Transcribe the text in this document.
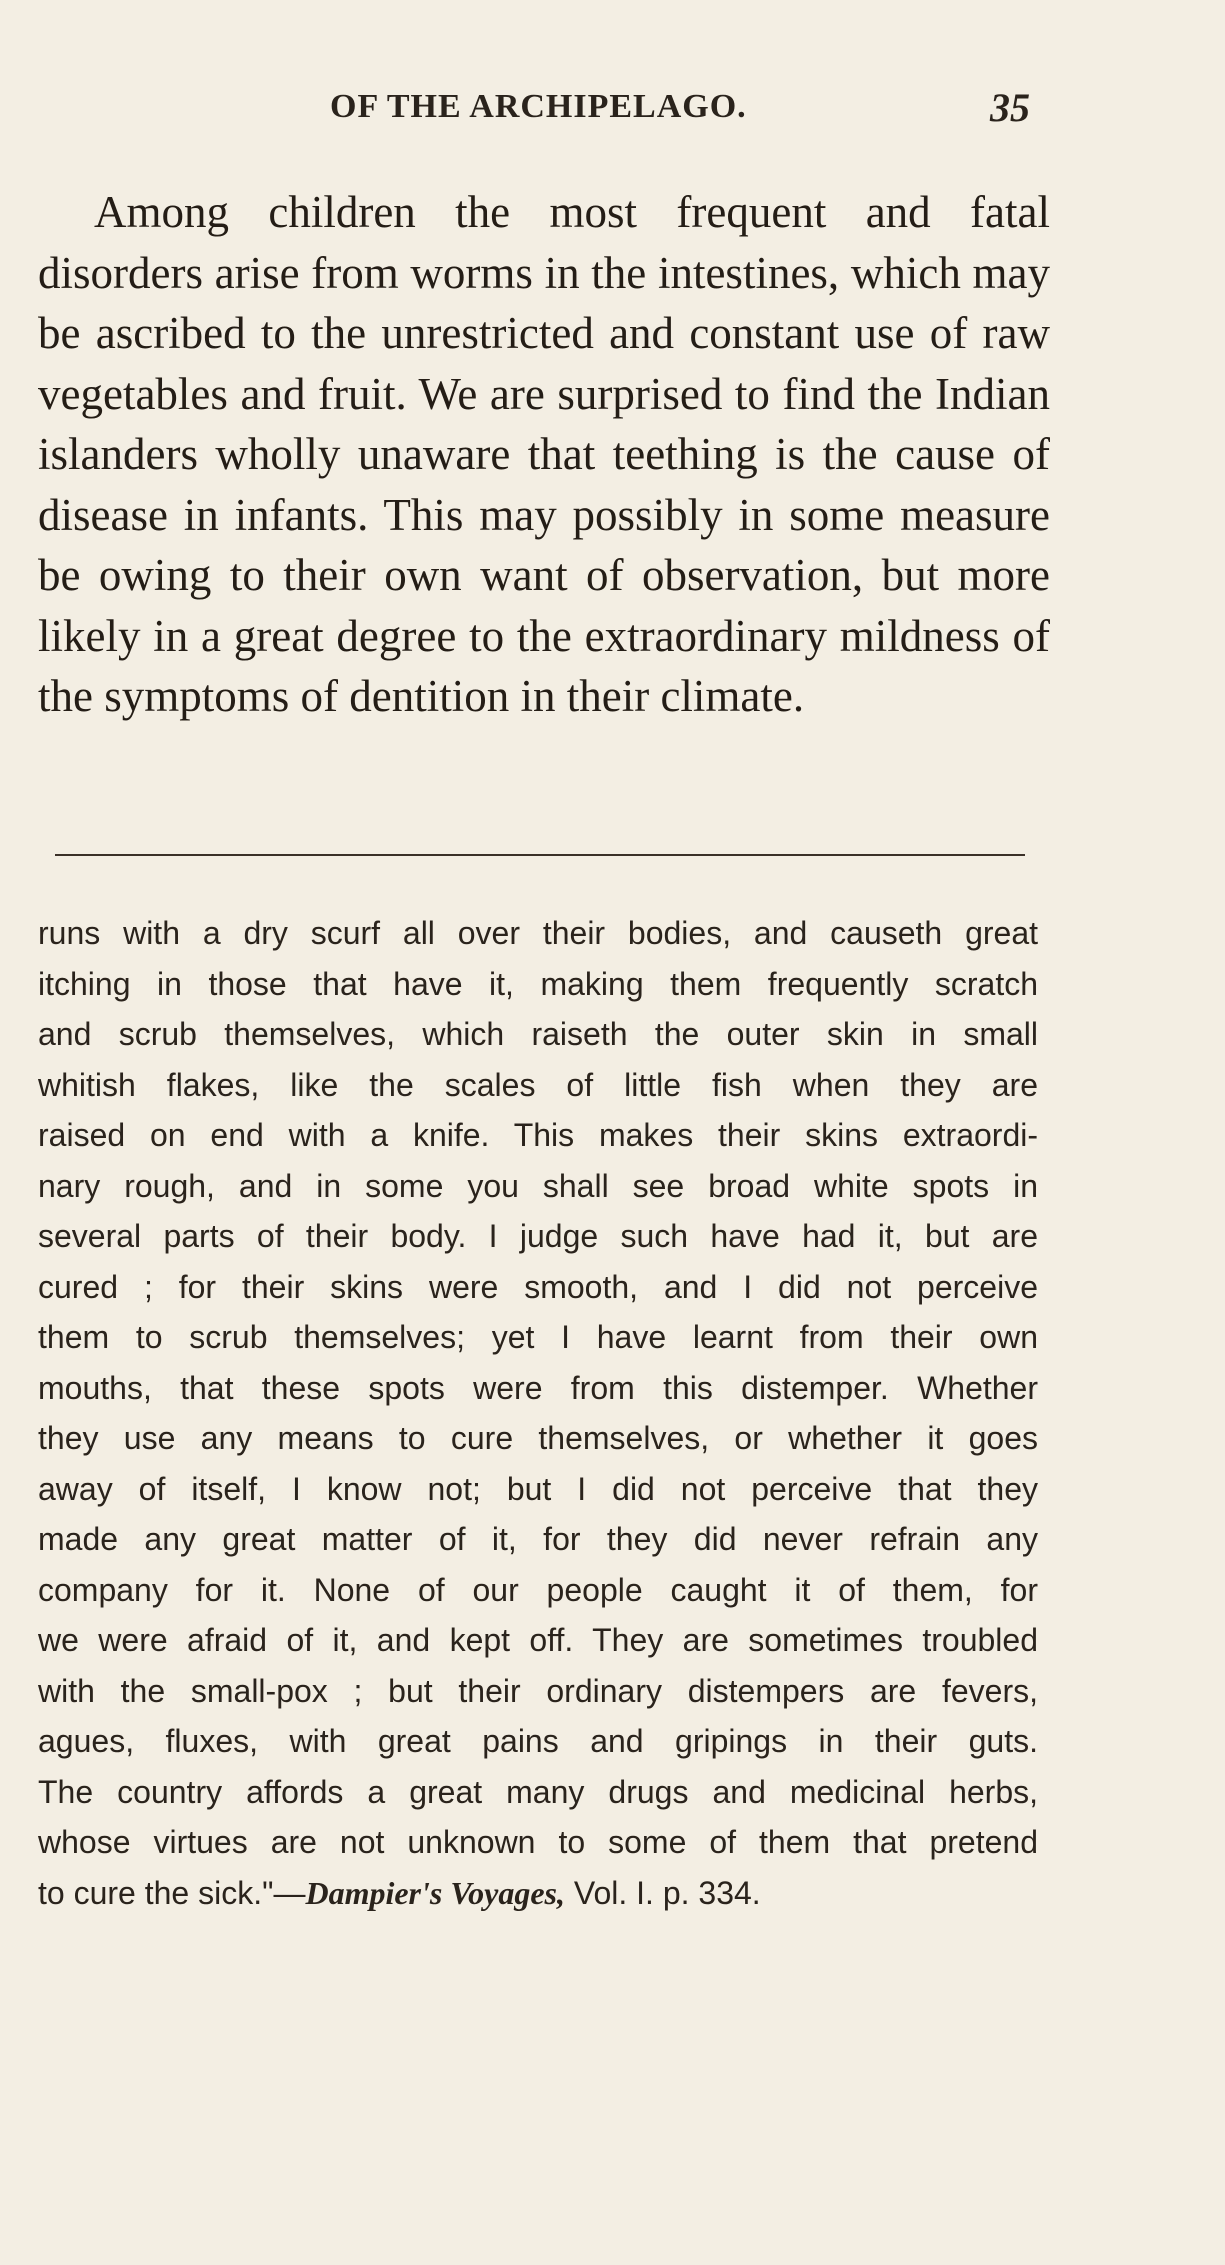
OF THE ARCHIPELAGO.	35

Among children the most frequent and fatal disorders arise from worms in the intestines, which may be ascribed to the unrestricted and constant use of raw vegetables and fruit. We are surprised to find the Indian islanders wholly unaware that teething is the cause of disease in infants. This may possibly in some measure be owing to their own want of observation, but more likely in a great degree to the extraordinary mildness of the symptoms of dentition in their climate.

runs with a dry scurf all over their bodies, and causeth great
itching in those that have it, making them frequently scratch
and scrub themselves, which raiseth the outer skin in small
whitish flakes, like the scales of little fish when they are
raised on end with a knife. This makes their skins extraordi-
nary rough, and in some you shall see broad white spots in
several parts of their body. I judge such have had it, but are
cured ; for their skins were smooth, and I did not perceive
them to scrub themselves; yet I have learnt from their own
mouths, that these spots were from this distemper. Whether
they use any means to cure themselves, or whether it goes
away of itself, I know not; but I did not perceive that they
made any great matter of it, for they did never refrain any
company for it. None of our people caught it of them, for
we were afraid of it, and kept off. They are sometimes troubled
with the small-pox ; but their ordinary distempers are fevers,
agues, fluxes, with great pains and gripings in their guts.
The country affords a great many drugs and medicinal herbs,
whose virtues are not unknown to some of them that pretend
to cure the sick."—Dampier's Voyages, Vol. I. p. 334.
